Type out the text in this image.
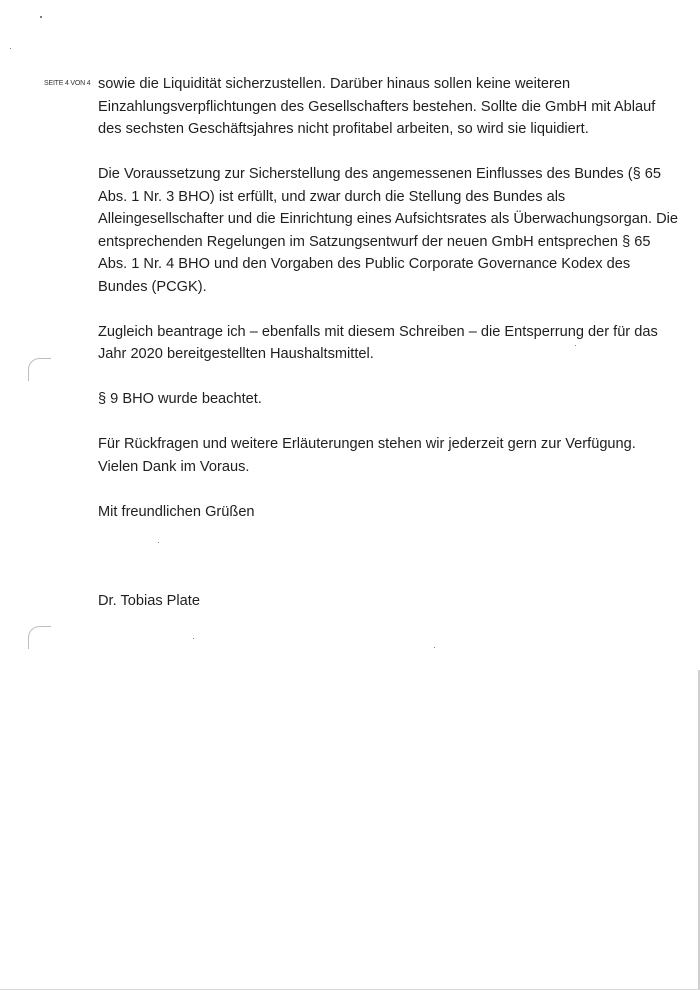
SEITE 4 VON 4 sowie die Liquidität sicherzustellen. Darüber hinaus sollen keine weiteren
Einzahlungsverpflichtungen des Gesellschafters bestehen. Sollte die GmbH mit Ablauf
des sechsten Geschäftsjahres nicht profitabel arbeiten, so wird sie liquidiert.
Die Voraussetzung zur Sicherstellung des angemessenen Einflusses des Bundes (§ 65
Abs. 1 Nr. 3 BHO) ist erfüllt, und zwar durch die Stellung des Bundes als
Alleingesellschafter und die Einrichtung eines Aufsichtsrates als Überwachungsorgan. Die
entsprechenden Regelungen im Satzungsentwurf der neuen GmbH entsprechen § 65
Abs. 1 Nr. 4 BHO und den Vorgaben des Public Corporate Governance Kodex des
Bundes (PCGK).
Zugleich beantrage ich – ebenfalls mit diesem Schreiben – die Entsperrung der für das
Jahr 2020 bereitgestellten Haushaltsmittel.
§ 9 BHO wurde beachtet.
Für Rückfragen und weitere Erläuterungen stehen wir jederzeit gern zur Verfügung.
Vielen Dank im Voraus.
Mit freundlichen Grüßen
Dr. Tobias Plate
